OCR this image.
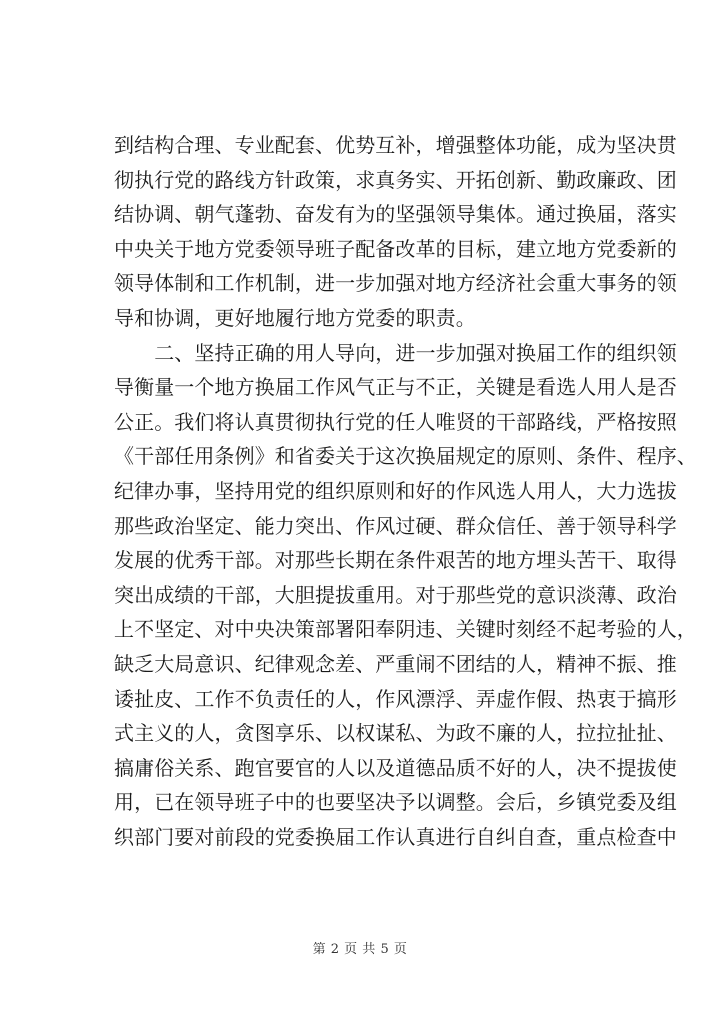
到结构合理、专业配套、优势互补，增强整体功能，成为坚决贯
彻执行党的路线方针政策，求真务实、开拓创新、勤政廉政、团
结协调、朝气蓬勃、奋发有为的坚强领导集体。通过换届，落实
中央关于地方党委领导班子配备改革的目标，建立地方党委新的
领导体制和工作机制，进一步加强对地方经济社会重大事务的领
导和协调，更好地履行地方党委的职责。
　　二、坚持正确的用人导向，进一步加强对换届工作的组织领
导衡量一个地方换届工作风气正与不正，关键是看选人用人是否
公正。我们将认真贯彻执行党的任人唯贤的干部路线，严格按照
《干部任用条例》和省委关于这次换届规定的原则、条件、程序、
纪律办事，坚持用党的组织原则和好的作风选人用人，大力选拔
那些政治坚定、能力突出、作风过硬、群众信任、善于领导科学
发展的优秀干部。对那些长期在条件艰苦的地方埋头苦干、取得
突出成绩的干部，大胆提拔重用。对于那些党的意识淡薄、政治
上不坚定、对中央决策部署阳奉阴违、关键时刻经不起考验的人，
缺乏大局意识、纪律观念差、严重闹不团结的人，精神不振、推
诿扯皮、工作不负责任的人，作风漂浮、弄虚作假、热衷于搞形
式主义的人，贪图享乐、以权谋私、为政不廉的人，拉拉扯扯、
搞庸俗关系、跑官要官的人以及道德品质不好的人，决不提拔使
用，已在领导班子中的也要坚决予以调整。会后，乡镇党委及组
织部门要对前段的党委换届工作认真进行自纠自查，重点检查中
第 2 页 共 5 页
